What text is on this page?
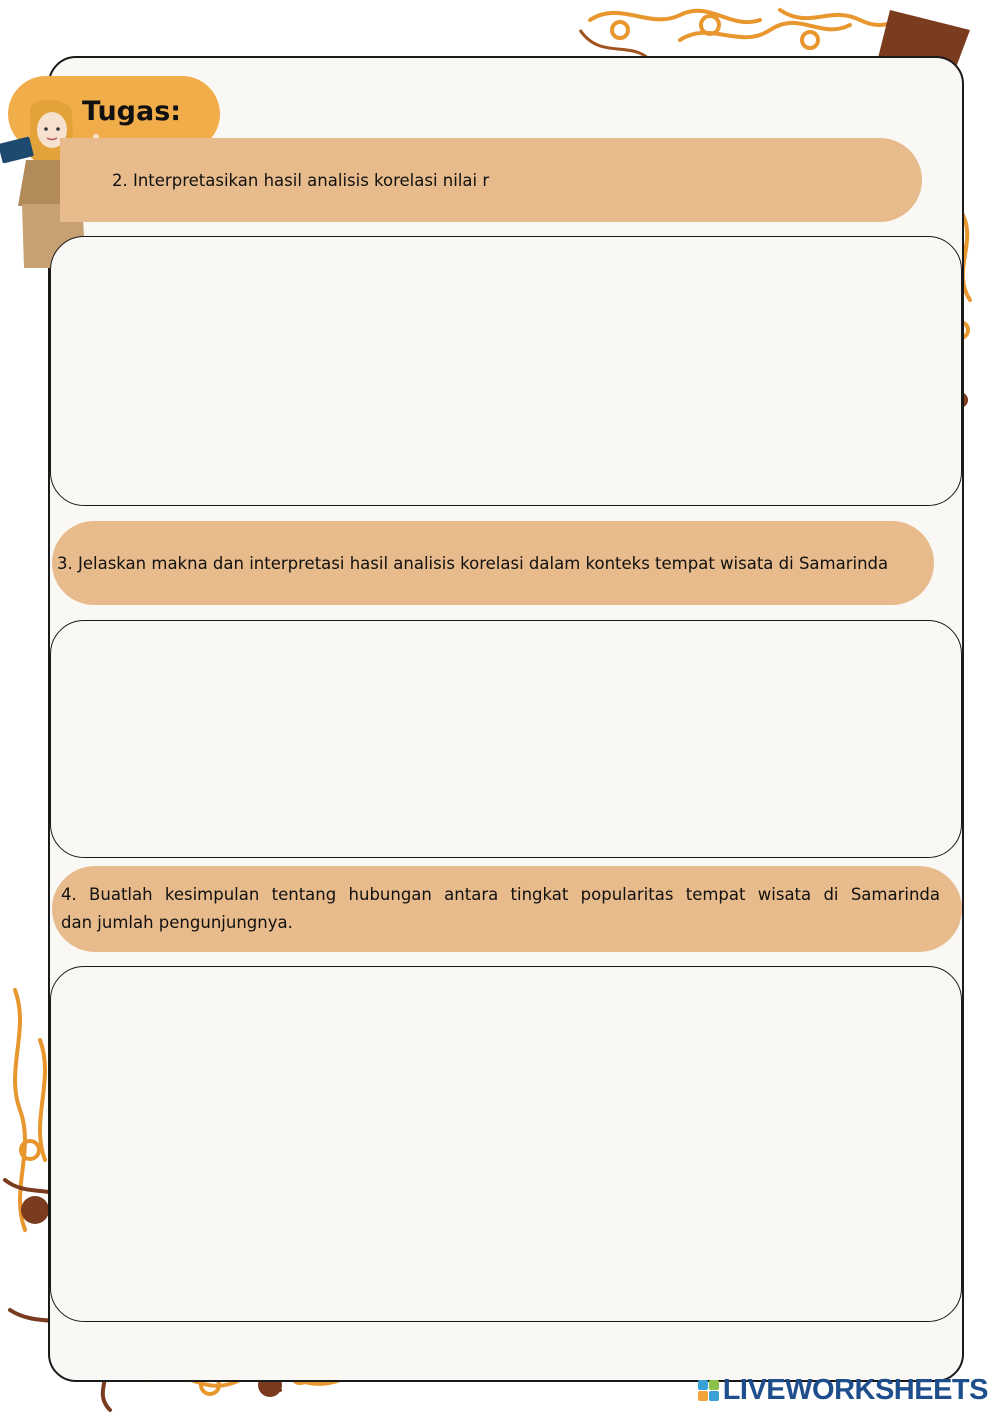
Tugas:
2. Interpretasikan hasil analisis korelasi nilai r
3. Jelaskan makna dan interpretasi hasil analisis korelasi dalam konteks tempat wisata di Samarinda
4. Buatlah kesimpulan tentang hubungan antara tingkat popularitas tempat wisata di Samarinda
dan jumlah pengunjungnya.
LIVEWORKSHEETS
